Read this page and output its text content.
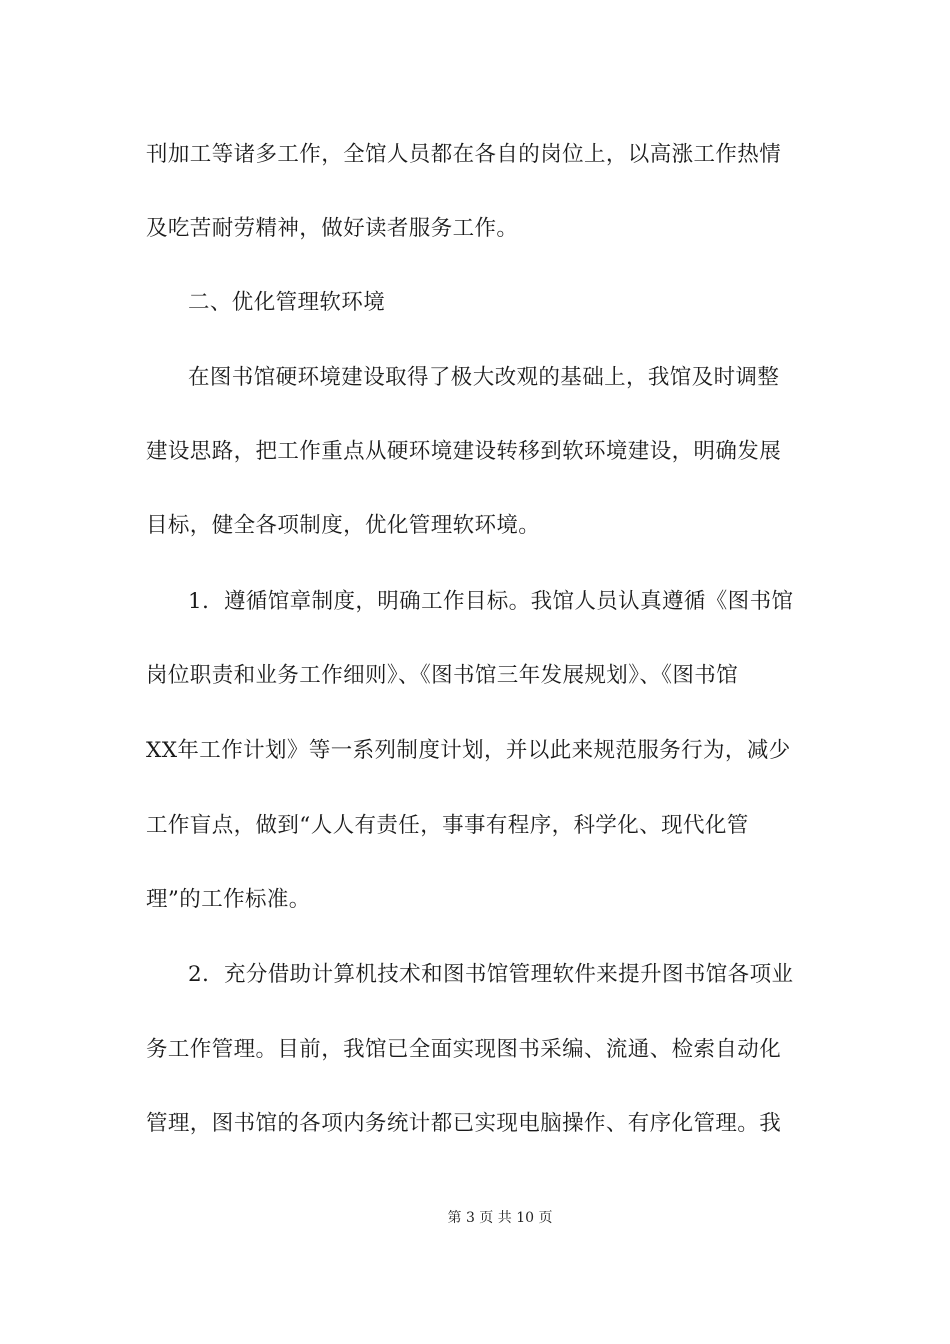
刊加工等诸多工作，全馆人员都在各自的岗位上，以高涨工作热情
及吃苦耐劳精神，做好读者服务工作。
二、优化管理软环境
在图书馆硬环境建设取得了极大改观的基础上，我馆及时调整
建设思路，把工作重点从硬环境建设转移到软环境建设，明确发展
目标，健全各项制度，优化管理软环境。
1．遵循馆章制度，明确工作目标。我馆人员认真遵循《图书馆
岗位职责和业务工作细则》、《图书馆三年发展规划》、《图书馆
XX年工作计划》等一系列制度计划，并以此来规范服务行为，减少
工作盲点，做到“人人有责任，事事有程序，科学化、现代化管
理”的工作标准。
2．充分借助计算机技术和图书馆管理软件来提升图书馆各项业
务工作管理。目前，我馆已全面实现图书采编、流通、检索自动化
管理，图书馆的各项内务统计都已实现电脑操作、有序化管理。我
第 3 页 共 10 页
